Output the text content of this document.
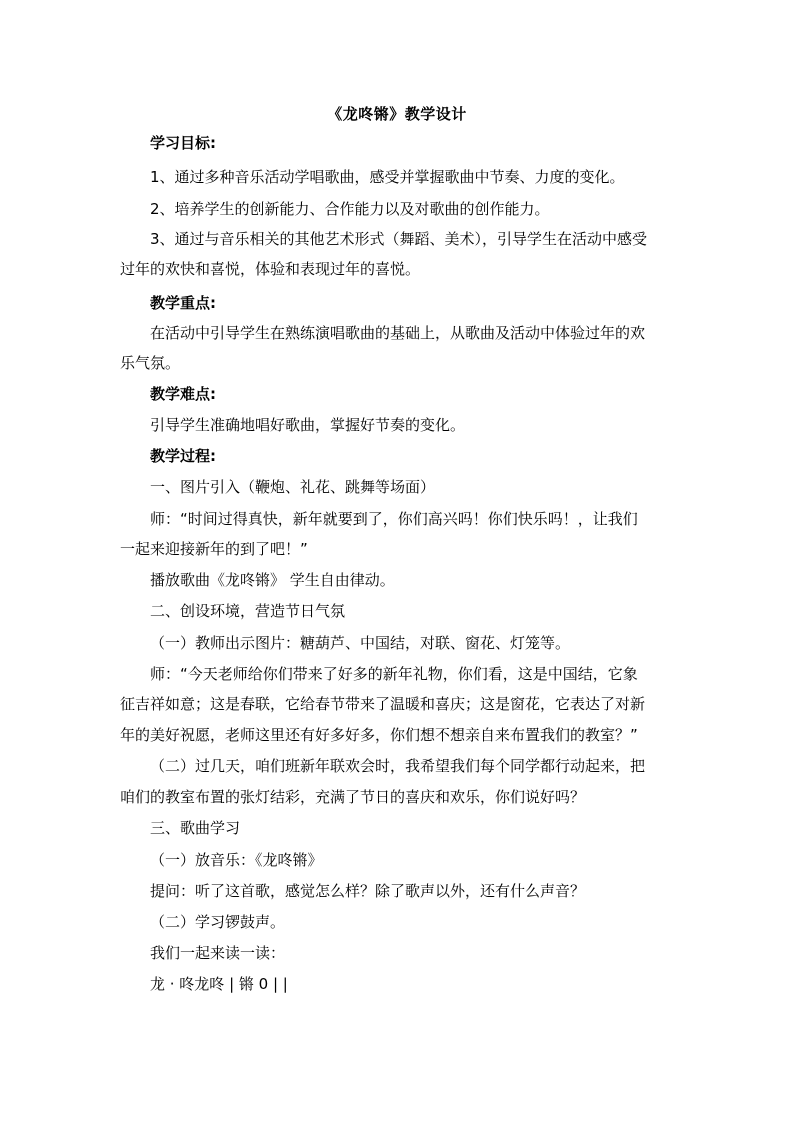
《龙咚锵》教学设计
学习目标:
1、通过多种音乐活动学唱歌曲，感受并掌握歌曲中节奏、力度的变化。
2、培养学生的创新能力、合作能力以及对歌曲的创作能力。
3、通过与音乐相关的其他艺术形式（舞蹈、美术），引导学生在活动中感受
过年的欢快和喜悦，体验和表现过年的喜悦。
教学重点:
在活动中引导学生在熟练演唱歌曲的基础上，从歌曲及活动中体验过年的欢
乐气氛。
教学难点:
引导学生准确地唱好歌曲，掌握好节奏的变化。
教学过程:
一、图片引入（鞭炮、礼花、跳舞等场面）
师：“时间过得真快，新年就要到了，你们高兴吗！你们快乐吗！，让我们
一起来迎接新年的到了吧！”
播放歌曲《龙咚锵》 学生自由律动。
二、创设环境，营造节日气氛
（一）教师出示图片：糖葫芦、中国结，对联、窗花、灯笼等。
师：“今天老师给你们带来了好多的新年礼物，你们看，这是中国结，它象
征吉祥如意；这是春联，它给春节带来了温暖和喜庆；这是窗花，它表达了对新
年的美好祝愿，老师这里还有好多好多，你们想不想亲自来布置我们的教室？”
（二）过几天，咱们班新年联欢会时，我希望我们每个同学都行动起来，把
咱们的教室布置的张灯结彩，充满了节日的喜庆和欢乐，你们说好吗？
三、歌曲学习
（一）放音乐：《龙咚锵》
提问：听了这首歌，感觉怎么样？除了歌声以外，还有什么声音？
（二）学习锣鼓声。
我们一起来读一读：
龙 · 咚龙咚 | 锵 0 | |
